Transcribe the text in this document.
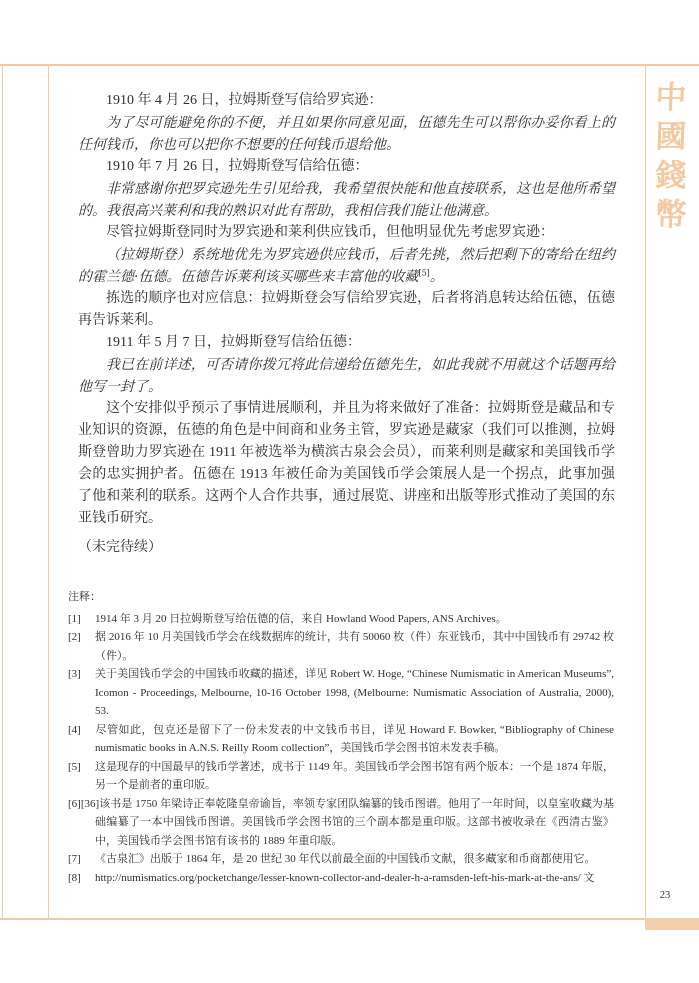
中
國
錢
幣
23

1910 年 4 月 26 日，拉姆斯登写信给罗宾逊：

为了尽可能避免你的不便，并且如果你同意见面，伍德先生可以帮你办妥你看上的任何钱币，你也可以把你不想要的任何钱币退给他。

1910 年 7 月 26 日，拉姆斯登写信给伍德：

非常感谢你把罗宾逊先生引见给我，我希望很快能和他直接联系，这也是他所希望的。我很高兴莱利和我的熟识对此有帮助，我相信我们能让他满意。

尽管拉姆斯登同时为罗宾逊和莱利供应钱币，但他明显优先考虑罗宾逊：

（拉姆斯登）系统地优先为罗宾逊供应钱币，后者先挑，然后把剩下的寄给在纽约的霍兰德·伍德。伍德告诉莱利该买哪些来丰富他的收藏[5]。

拣选的顺序也对应信息：拉姆斯登会写信给罗宾逊，后者将消息转达给伍德，伍德再告诉莱利。

1911 年 5 月 7 日，拉姆斯登写信给伍德：

我已在前详述，可否请你拨冗将此信递给伍德先生，如此我就不用就这个话题再给他写一封了。

这个安排似乎预示了事情进展顺利，并且为将来做好了准备：拉姆斯登是藏品和专业知识的资源，伍德的角色是中间商和业务主管，罗宾逊是藏家（我们可以推测，拉姆斯登曾助力罗宾逊在 1911 年被选举为横滨古泉会会员），而莱利则是藏家和美国钱币学会的忠实拥护者。伍德在 1913 年被任命为美国钱币学会策展人是一个拐点，此事加强了他和莱利的联系。这两个人合作共事，通过展览、讲座和出版等形式推动了美国的东亚钱币研究。

（未完待续）

注释：
[1] 1914 年 3 月 20 日拉姆斯登写给伍德的信，来自 Howland Wood Papers, ANS Archives。
[2] 据 2016 年 10 月美国钱币学会在线数据库的统计，共有 50060 枚（件）东亚钱币，其中中国钱币有 29742 枚（件）。
[3] 关于美国钱币学会的中国钱币收藏的描述，详见 Robert W. Hoge, “Chinese Numismatic in American Museums”, Icomon - Proceedings, Melbourne, 10-16 October 1998, (Melbourne: Numismatic Association of Australia, 2000), 53.
[4] 尽管如此，包克还是留下了一份未发表的中文钱币书目，详见 Howard F. Bowker, “Bibliography of Chinese numismatic books in A.N.S. Reilly Room collection”，美国钱币学会图书馆未发表手稿。
[5] 这是现存的中国最早的钱币学著述，成书于 1149 年。美国钱币学会图书馆有两个版本：一个是 1874 年版，另一个是前者的重印版。
[6][36]该书是 1750 年梁诗正奉乾隆皇帝谕旨，率领专家团队编纂的钱币图谱。他用了一年时间，以皇室收藏为基础编纂了一本中国钱币图谱。美国钱币学会图书馆的三个副本都是重印版。这部书被收录在《西清古鉴》中，美国钱币学会图书馆有该书的 1889 年重印版。
[7] 《古泉汇》出版于 1864 年，是 20 世纪 30 年代以前最全面的中国钱币文献，很多藏家和币商都使用它。
[8] http://numismatics.org/pocketchange/lesser-known-collector-and-dealer-h-a-ramsden-left-his-mark-at-the-ans/ 文
